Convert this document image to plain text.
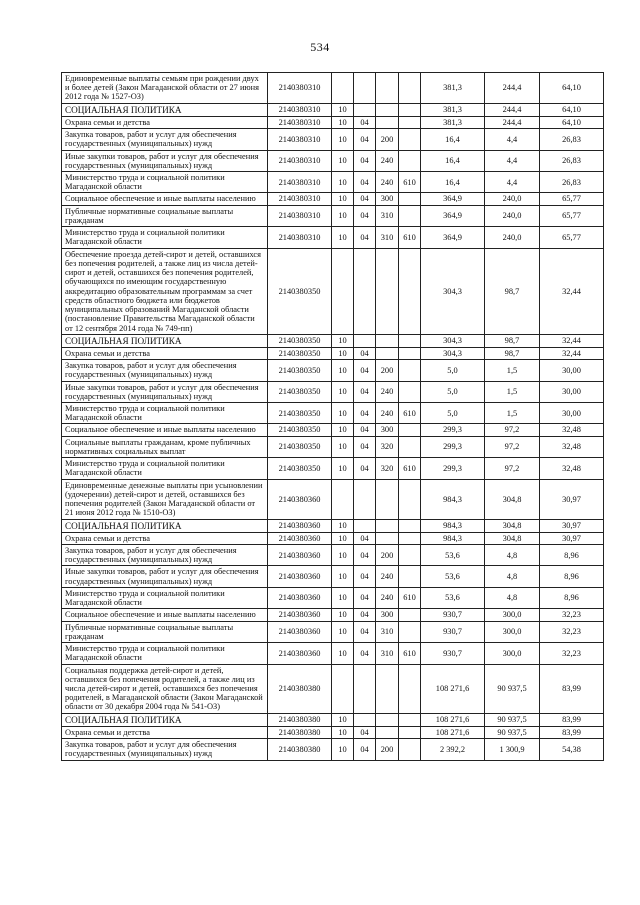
534
Единовременные выплаты семьям при рождении двух и более детей (Закон Магаданской области от 27 июня 2012 года № 1527-ОЗ)	2140380310					381,3	244,4	64,10
СОЦИАЛЬНАЯ ПОЛИТИКА	2140380310	10				381,3	244,4	64,10
Охрана семьи и детства	2140380310	10	04			381,3	244,4	64,10
Закупка товаров, работ и услуг для обеспечения государственных (муниципальных) нужд	2140380310	10	04	200		16,4	4,4	26,83
Иные закупки товаров, работ и услуг для обеспечения государственных (муниципальных) нужд	2140380310	10	04	240		16,4	4,4	26,83
Министерство труда и социальной политики Магаданской области	2140380310	10	04	240	610	16,4	4,4	26,83
Социальное обеспечение и иные выплаты населению	2140380310	10	04	300		364,9	240,0	65,77
Публичные нормативные социальные выплаты гражданам	2140380310	10	04	310		364,9	240,0	65,77
Министерство труда и социальной политики Магаданской области	2140380310	10	04	310	610	364,9	240,0	65,77
Обеспечение проезда детей-сирот и детей, оставшихся без попечения родителей, а также лиц из числа детей-сирот и детей, оставшихся без попечения родителей, обучающихся по имеющим государственную аккредитацию образовательным программам за счет средств областного бюджета или бюджетов муниципальных образований Магаданской области (постановление Правительства Магаданской области от 12 сентября 2014 года № 749-пп)	2140380350					304,3	98,7	32,44
СОЦИАЛЬНАЯ ПОЛИТИКА	2140380350	10				304,3	98,7	32,44
Охрана семьи и детства	2140380350	10	04			304,3	98,7	32,44
Закупка товаров, работ и услуг для обеспечения государственных (муниципальных) нужд	2140380350	10	04	200		5,0	1,5	30,00
Иные закупки товаров, работ и услуг для обеспечения государственных (муниципальных) нужд	2140380350	10	04	240		5,0	1,5	30,00
Министерство труда и социальной политики Магаданской области	2140380350	10	04	240	610	5,0	1,5	30,00
Социальное обеспечение и иные выплаты населению	2140380350	10	04	300		299,3	97,2	32,48
Социальные выплаты гражданам, кроме публичных нормативных социальных выплат	2140380350	10	04	320		299,3	97,2	32,48
Министерство труда и социальной политики Магаданской области	2140380350	10	04	320	610	299,3	97,2	32,48
Единовременные денежные выплаты при усыновлении (удочерении) детей-сирот и детей, оставшихся без попечения родителей (Закон Магаданской области от 21 июня 2012 года № 1510-ОЗ)	2140380360					984,3	304,8	30,97
СОЦИАЛЬНАЯ ПОЛИТИКА	2140380360	10				984,3	304,8	30,97
Охрана семьи и детства	2140380360	10	04			984,3	304,8	30,97
Закупка товаров, работ и услуг для обеспечения государственных (муниципальных) нужд	2140380360	10	04	200		53,6	4,8	8,96
Иные закупки товаров, работ и услуг для обеспечения государственных (муниципальных) нужд	2140380360	10	04	240		53,6	4,8	8,96
Министерство труда и социальной политики Магаданской области	2140380360	10	04	240	610	53,6	4,8	8,96
Социальное обеспечение и иные выплаты населению	2140380360	10	04	300		930,7	300,0	32,23
Публичные нормативные социальные выплаты гражданам	2140380360	10	04	310		930,7	300,0	32,23
Министерство труда и социальной политики Магаданской области	2140380360	10	04	310	610	930,7	300,0	32,23
Социальная поддержка детей-сирот и детей, оставшихся без попечения родителей, а также лиц из числа детей-сирот и детей, оставшихся без попечения родителей, в Магаданской области (Закон Магаданской области от 30 декабря 2004 года № 541-ОЗ)	2140380380					108 271,6	90 937,5	83,99
СОЦИАЛЬНАЯ ПОЛИТИКА	2140380380	10				108 271,6	90 937,5	83,99
Охрана семьи и детства	2140380380	10	04			108 271,6	90 937,5	83,99
Закупка товаров, работ и услуг для обеспечения государственных (муниципальных) нужд	2140380380	10	04	200		2 392,2	1 300,9	54,38
